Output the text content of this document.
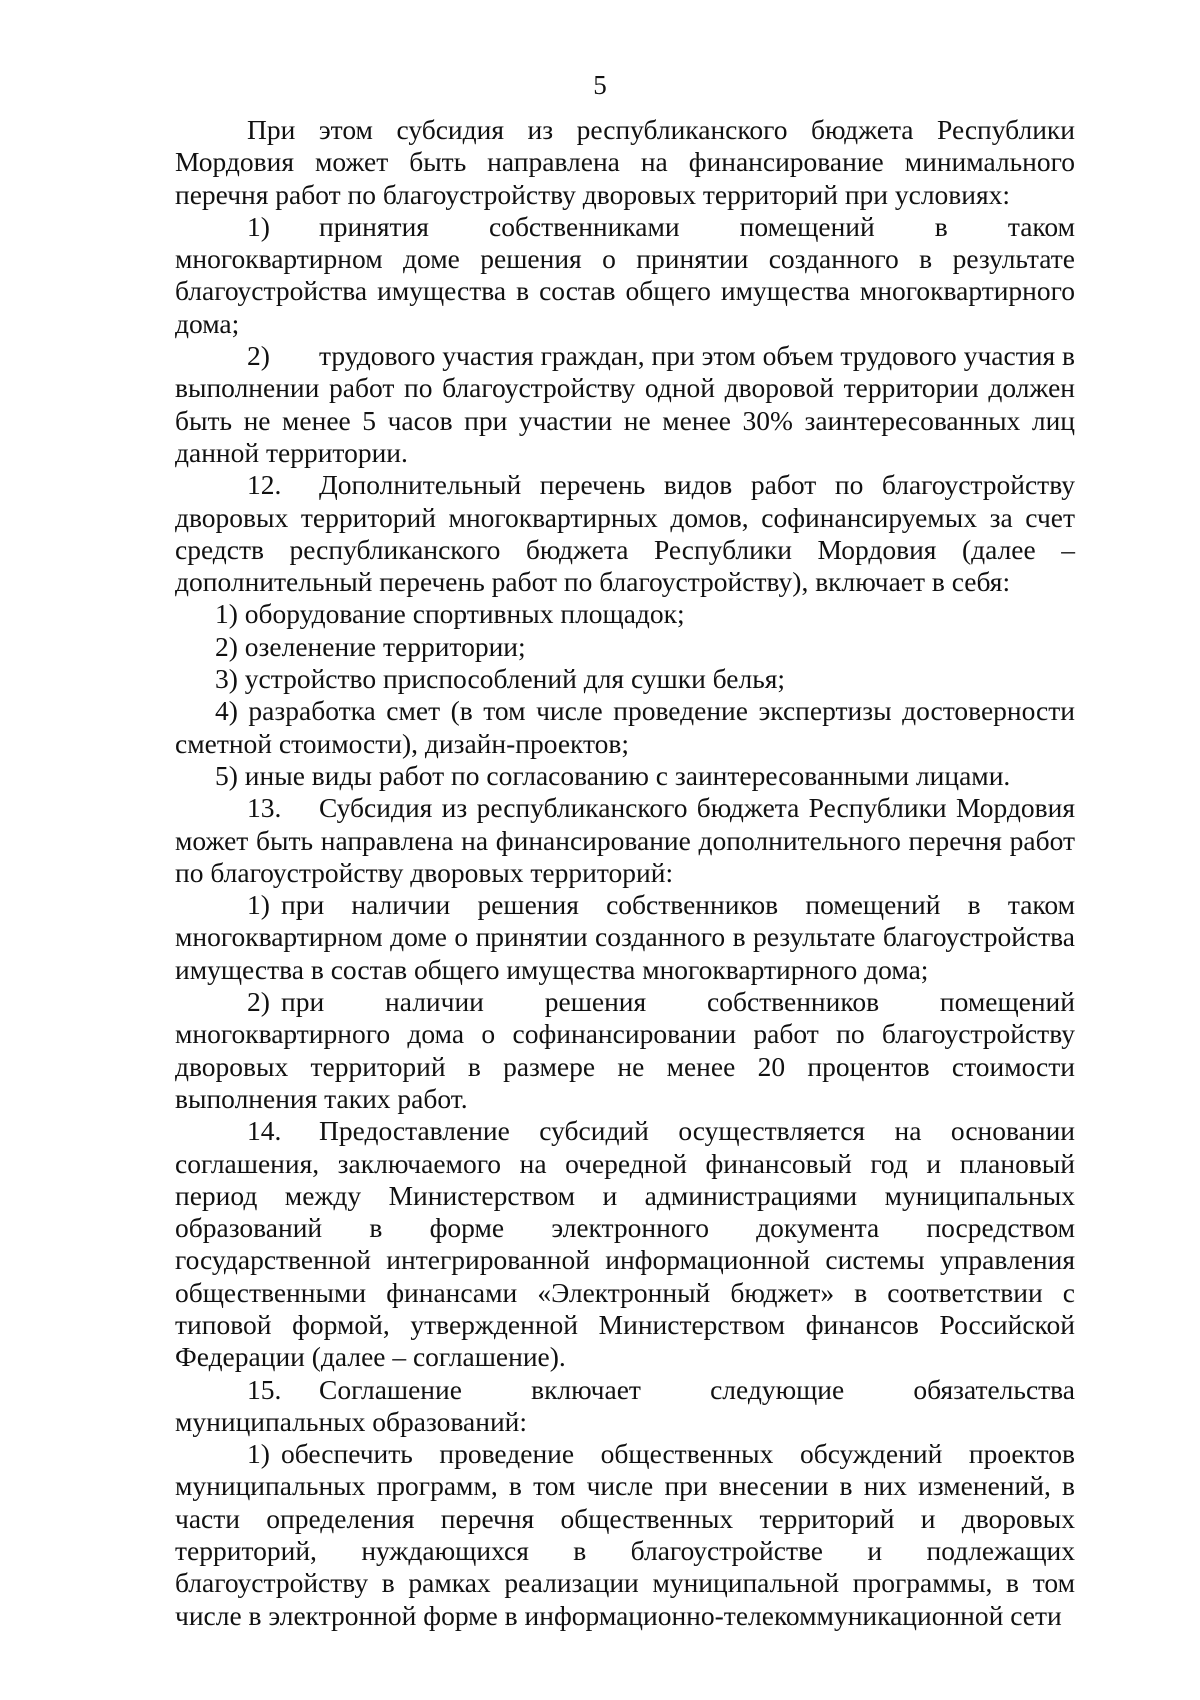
5

При этом субсидия из республиканского бюджета Республики Мордовия может быть направлена на финансирование минимального перечня работ по благоустройству дворовых территорий при условиях:

1) принятия собственниками помещений в таком многоквартирном доме решения о принятии созданного в результате благоустройства имущества в состав общего имущества многоквартирного дома;

2) трудового участия граждан, при этом объем трудового участия в выполнении работ по благоустройству одной дворовой территории должен быть не менее 5 часов при участии не менее 30% заинтересованных лиц данной территории.

12. Дополнительный перечень видов работ по благоустройству дворовых территорий многоквартирных домов, софинансируемых за счет средств республиканского бюджета Республики Мордовия (далее – дополнительный перечень работ по благоустройству), включает в себя:

1) оборудование спортивных площадок;

2) озеленение территории;

3) устройство приспособлений для сушки белья;

4) разработка смет (в том числе проведение экспертизы достоверности сметной стоимости), дизайн-проектов;

5) иные виды работ по согласованию с заинтересованными лицами.

13. Субсидия из республиканского бюджета Республики Мордовия может быть направлена на финансирование дополнительного перечня работ по благоустройству дворовых территорий:

1) при наличии решения собственников помещений в таком многоквартирном доме о принятии созданного в результате благоустройства имущества в состав общего имущества многоквартирного дома;

2) при наличии решения собственников помещений многоквартирного дома о софинансировании работ по благоустройству дворовых территорий в размере не менее 20 процентов стоимости выполнения таких работ.

14. Предоставление субсидий осуществляется на основании соглашения, заключаемого на очередной финансовый год и плановый период между Министерством и администрациями муниципальных образований в форме электронного документа посредством государственной интегрированной информационной системы управления общественными финансами «Электронный бюджет» в соответствии с типовой формой, утвержденной Министерством финансов Российской Федерации (далее – соглашение).

15. Соглашение включает следующие обязательства муниципальных образований:

1) обеспечить проведение общественных обсуждений проектов муниципальных программ, в том числе при внесении в них изменений, в части определения перечня общественных территорий и дворовых территорий, нуждающихся в благоустройстве и подлежащих благоустройству в рамках реализации муниципальной программы, в том числе в электронной форме в информационно-телекоммуникационной сети
